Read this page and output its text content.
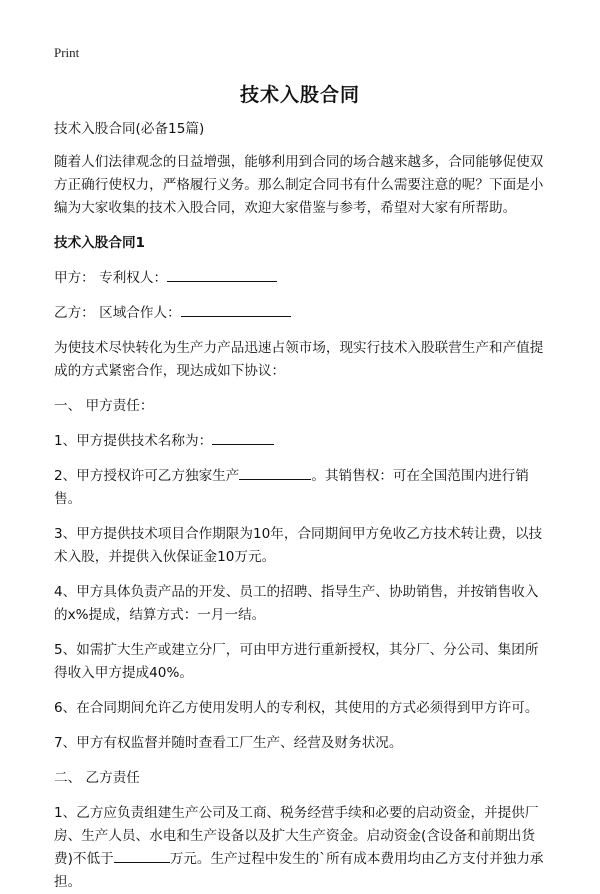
Print
技术入股合同

技术入股合同(必备15篇)

随着人们法律观念的日益增强，能够利用到合同的场合越来越多，合同能够促使双方正确行使权力，严格履行义务。那么制定合同书有什么需要注意的呢？下面是小编为大家收集的技术入股合同，欢迎大家借鉴与参考，希望对大家有所帮助。

技术入股合同1

甲方： 专利权人：

乙方： 区域合作人：

为使技术尽快转化为生产力产品迅速占领市场，现实行技术入股联营生产和产值提成的方式紧密合作，现达成如下协议：

一、 甲方责任：

1、甲方提供技术名称为：

2、甲方授权许可乙方独家生产	。其销售权：可在全国范围内进行销售。

3、甲方提供技术项目合作期限为10年，合同期间甲方免收乙方技术转让费，以技术入股，并提供入伙保证金10万元。

4、甲方具体负责产品的开发、员工的招聘、指导生产、协助销售，并按销售收入的x%提成，结算方式：一月一结。

5、如需扩大生产或建立分厂，可由甲方进行重新授权，其分厂、分公司、集团所得收入甲方提成40%。

6、在合同期间允许乙方使用发明人的专利权，其使用的方式必须得到甲方许可。

7、甲方有权监督并随时查看工厂生产、经营及财务状况。

二、 乙方责任

1、乙方应负责组建生产公司及工商、税务经营手续和必要的启动资金，并提供厂房、生产人员、水电和生产设备以及扩大生产资金。启动资金(含设备和前期出货费)不低于	万元。生产过程中发生的`所有成本费用均由乙方支付并独力承担。
